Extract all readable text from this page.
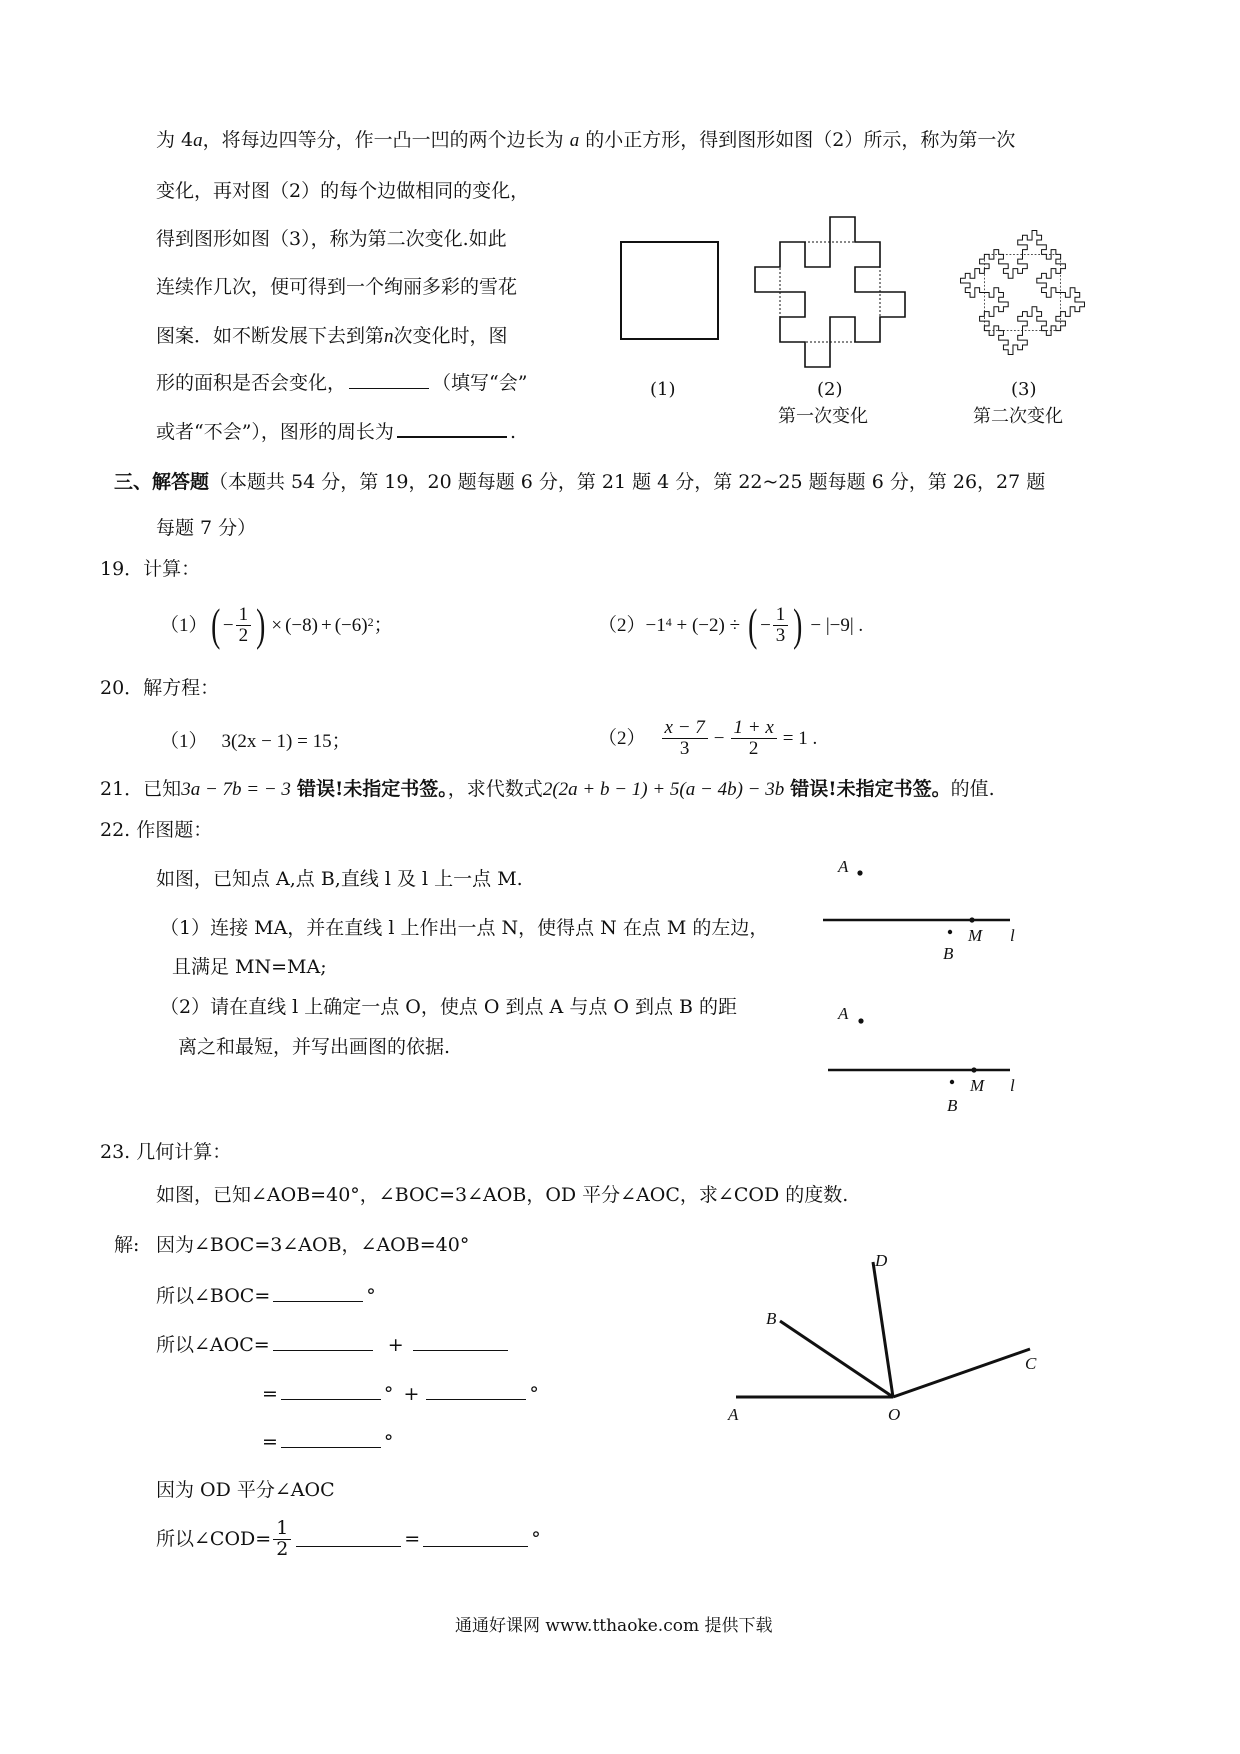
为 4a，将每边四等分，作一凸一凹的两个边长为 a 的小正方形，得到图形如图（2）所示，称为第一次
变化，再对图（2）的每个边做相同的变化，
得到图形如图（3），称为第二次变化.如此
连续作几次，便可得到一个绚丽多彩的雪花
图案．如不断发展下去到第n次变化时，图
形的面积是否会变化，	（填写“会”
或者“不会”），图形的周长为	.
(1)	(2)
第一次变化
(3)
第二次变化
三、解答题（本题共 54 分，第 19，20 题每题 6 分，第 21 题 4 分，第 22~25 题每题 6 分，第 26，27 题
每题 7 分）
19．计算：
（1） ( − $\frac{1}{2}$ ) × (−8) + (−6) 2 ；	（2） −1 4 + (−2) ÷ ( − $\frac{1}{3}$ ) − |−9| .
20．解方程：
（1） 3(2x − 1) = 15；	$(2) \frac{x - 7}{3} - \frac{1 + x}{2} = 1$ .
21．已知3a − 7b = − 3 错误!未指定书签。，求代数式2(2a + b − 1) + 5(a − 4b) − 3b 错误!未指定书签。的值.
22. 作图题：
如图，已知点 A,点 B,直线 l 及 l 上一点 M.
（1）连接 MA，并在直线 l 上作出一点 N，使得点 N 在点 M 的左边，
且满足 MN=MA;
（2）请在直线 l 上确定一点 O，使点 O 到点 A 与点 O 到点 B 的距
离之和最短，并写出画图的依据.
A
M l
B
A
M l
B
23. 几何计算：
如图，已知∠AOB=40°，∠BOC=3∠AOB，OD 平分∠AOC，求∠COD 的度数.
解: 因为∠BOC=3∠AOB，∠AOB=40°
所以∠BOC=	°
所以∠AOC=	+
=	° +	°
=	°
因为 OD 平分∠AOC
所以∠COD= $\frac{1}{2}$	=	°
A	O
B
D
C
通通好课网 www.tthaoke.com 提供下载
